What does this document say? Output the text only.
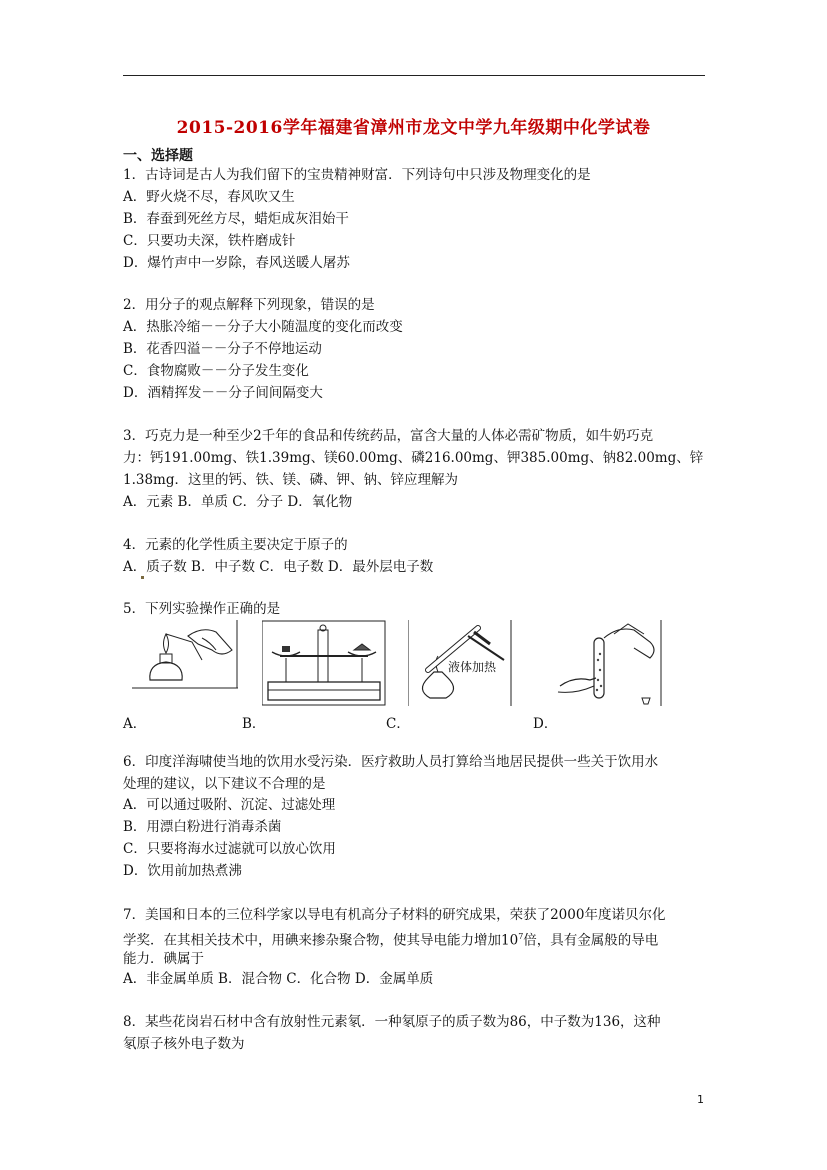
2015-2016学年福建省漳州市龙文中学九年级期中化学试卷
一、选择题
1．古诗词是古人为我们留下的宝贵精神财富．下列诗句中只涉及物理变化的是
A．野火烧不尽，春风吹又生
B．春蚕到死丝方尽，蜡炬成灰泪始干
C．只要功夫深，铁杵磨成针
D．爆竹声中一岁除，春风送暖人屠苏
2．用分子的观点解释下列现象，错误的是
A．热胀冷缩－－分子大小随温度的变化而改变
B．花香四溢－－分子不停地运动
C．食物腐败－－分子发生变化
D．酒精挥发－－分子间间隔变大
3．巧克力是一种至少2千年的食品和传统药品，富含大量的人体必需矿物质，如牛奶巧克
力：钙191.00mg、铁1.39mg、镁60.00mg、磷216.00mg、钾385.00mg、钠82.00mg、锌
1.38mg．这里的钙、铁、镁、磷、钾、钠、锌应理解为
A．元素 B．单质 C．分子 D．氧化物
4．元素的化学性质主要决定于原子的
A．质子数 B．中子数 C．电子数 D．最外层电子数
5．下列实验操作正确的是
A．	B．
液体加热
C．	D．
6．印度洋海啸使当地的饮用水受污染．医疗救助人员打算给当地居民提供一些关于饮用水
处理的建议，以下建议不合理的是
A．可以通过吸附、沉淀、过滤处理
B．用漂白粉进行消毒杀菌
C．只要将海水过滤就可以放心饮用
D．饮用前加热煮沸
7．美国和日本的三位科学家以导电有机高分子材料的研究成果，荣获了2000年度诺贝尔化
学奖．在其相关技术中，用碘来掺杂聚合物，使其导电能力增加$10^7$倍，具有金属般的导电
能力．碘属于
A．非金属单质 B．混合物 C．化合物 D．金属单质
8．某些花岗岩石材中含有放射性元素氡．一种氡原子的质子数为86，中子数为136，这种
氡原子核外电子数为
1
